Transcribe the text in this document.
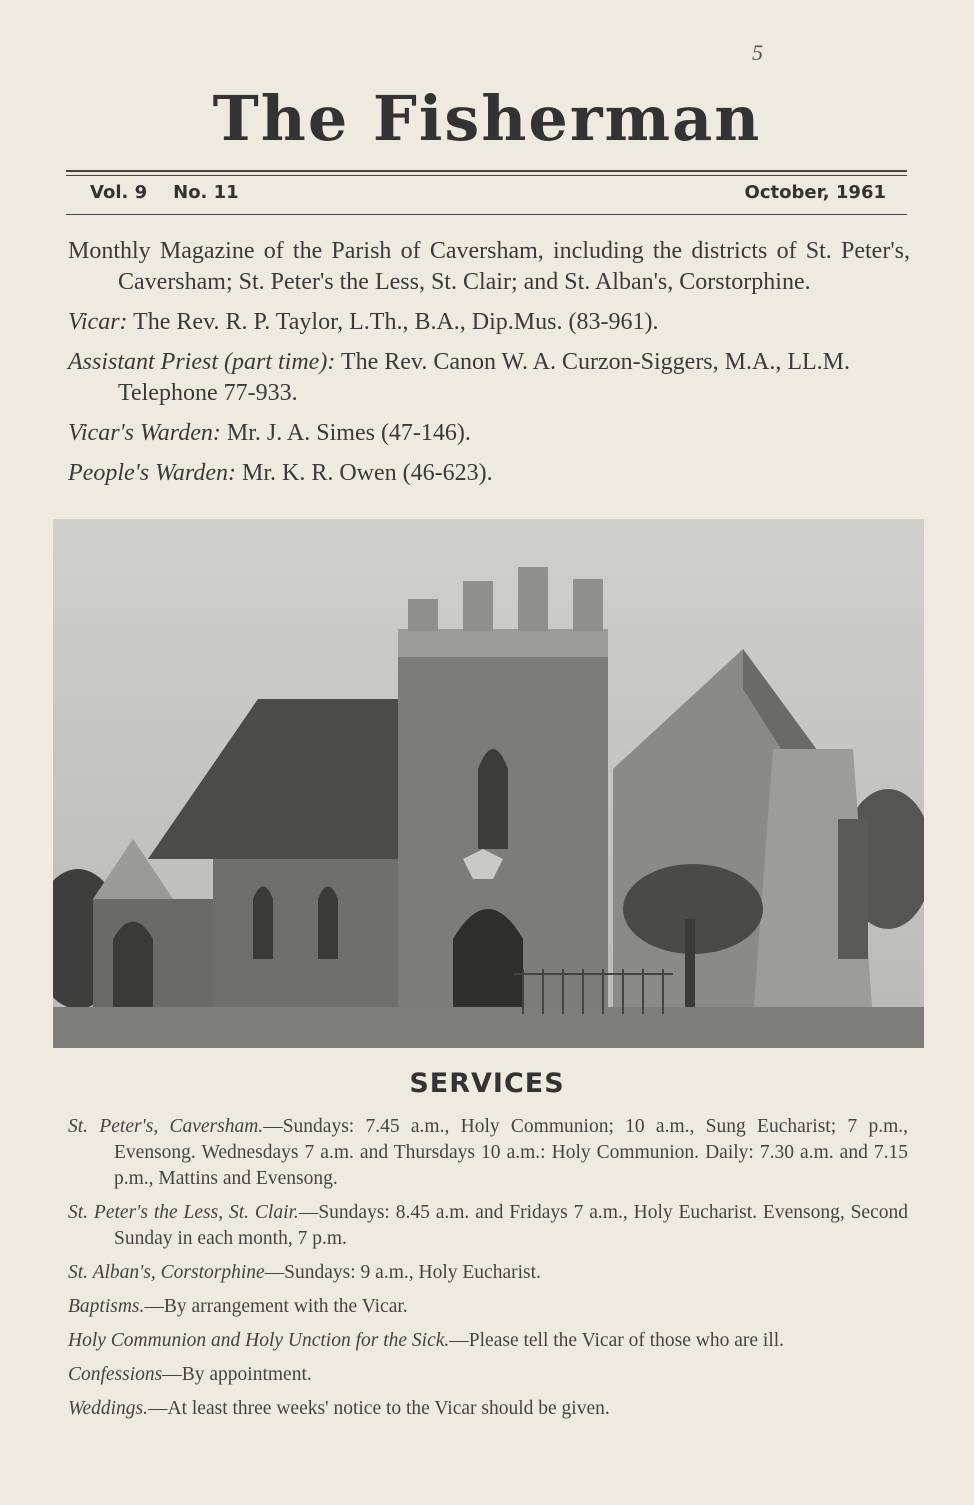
5
The Fisherman
Vol. 9 No. 11	October, 1961

Monthly Magazine of the Parish of Caversham, including the districts of St. Peter's, Caversham; St. Peter's the Less, St. Clair; and St. Alban's, Corstorphine.

Vicar: The Rev. R. P. Taylor, L.Th., B.A., Dip.Mus. (83-961).

Assistant Priest (part time): The Rev. Canon W. A. Curzon-Siggers, M.A., LL.M. Telephone 77-933.

Vicar's Warden: Mr. J. A. Simes (47-146).

People's Warden: Mr. K. R. Owen (46-623).

SERVICES

St. Peter's, Caversham.—Sundays: 7.45 a.m., Holy Communion; 10 a.m., Sung Eucharist; 7 p.m., Evensong. Wednesdays 7 a.m. and Thursdays 10 a.m.: Holy Communion. Daily: 7.30 a.m. and 7.15 p.m., Mattins and Evensong.

St. Peter's the Less, St. Clair.—Sundays: 8.45 a.m. and Fridays 7 a.m., Holy Eucharist. Evensong, Second Sunday in each month, 7 p.m.

St. Alban's, Corstorphine—Sundays: 9 a.m., Holy Eucharist.

Baptisms.—By arrangement with the Vicar.

Holy Communion and Holy Unction for the Sick.—Please tell the Vicar of those who are ill.

Confessions—By appointment.

Weddings.—At least three weeks' notice to the Vicar should be given.
